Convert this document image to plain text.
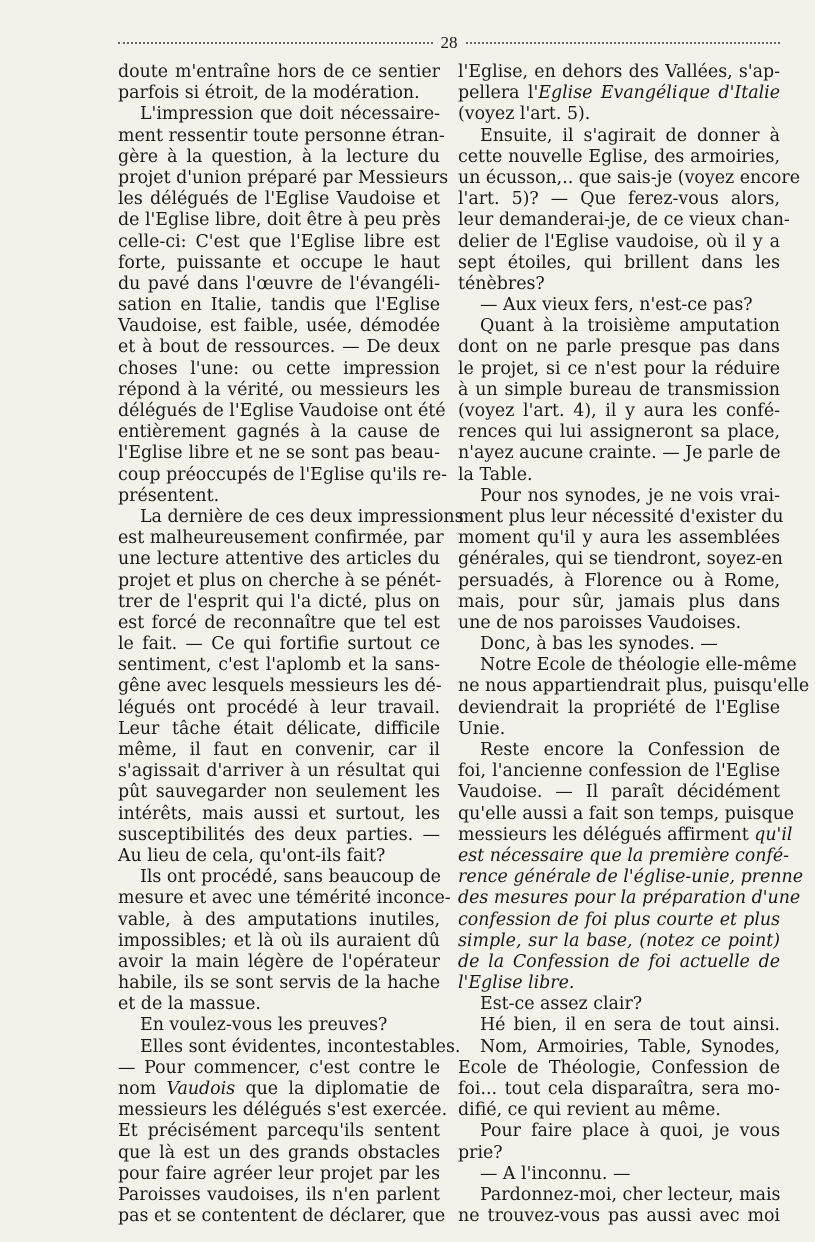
28
doute m'entraîne hors de ce sentier
parfois si étroit, de la modération.
L'impression que doit nécessaire-
ment ressentir toute personne étran-
gère à la question, à la lecture du
projet d'union préparé par Messieurs
les délégués de l'Eglise Vaudoise et
de l'Eglise libre, doit être à peu près
celle-ci: C'est que l'Eglise libre est
forte, puissante et occupe le haut
du pavé dans l'œuvre de l'évangéli-
sation en Italie, tandis que l'Eglise
Vaudoise, est faible, usée, démodée
et à bout de ressources. — De deux
choses l'une: ou cette impression
répond à la vérité, ou messieurs les
délégués de l'Eglise Vaudoise ont été
entièrement gagnés à la cause de
l'Eglise libre et ne se sont pas beau-
coup préoccupés de l'Eglise qu'ils re-
présentent.
La dernière de ces deux impressions
est malheureusement confirmée, par
une lecture attentive des articles du
projet et plus on cherche à se pénét-
trer de l'esprit qui l'a dicté, plus on
est forcé de reconnaître que tel est
le fait. — Ce qui fortifie surtout ce
sentiment, c'est l'aplomb et la sans-
gêne avec lesquels messieurs les dé-
légués ont procédé à leur travail.
Leur tâche était délicate, difficile
même, il faut en convenir, car il
s'agissait d'arriver à un résultat qui
pût sauvegarder non seulement les
intérêts, mais aussi et surtout, les
susceptibilités des deux parties. —
Au lieu de cela, qu'ont-ils fait?
Ils ont procédé, sans beaucoup de
mesure et avec une témérité inconce-
vable, à des amputations inutiles,
impossibles; et là où ils auraient dû
avoir la main légère de l'opérateur
habile, ils se sont servis de la hache
et de la massue.
En voulez-vous les preuves?
Elles sont évidentes, incontestables.
— Pour commencer, c'est contre le
nom Vaudois que la diplomatie de
messieurs les délégués s'est exercée.
Et précisément parcequ'ils sentent
que là est un des grands obstacles
pour faire agréer leur projet par les
Paroisses vaudoises, ils n'en parlent
pas et se contentent de déclarer, que
l'Eglise, en dehors des Vallées, s'ap-
pellera l'Eglise Evangélique d'Italie
(voyez l'art. 5).
Ensuite, il s'agirait de donner à
cette nouvelle Eglise, des armoiries,
un écusson,.. que sais-je (voyez encore
l'art. 5)? — Que ferez-vous alors,
leur demanderai-je, de ce vieux chan-
delier de l'Eglise vaudoise, où il y a
sept étoiles, qui brillent dans les
ténèbres?
— Aux vieux fers, n'est-ce pas?
Quant à la troisième amputation
dont on ne parle presque pas dans
le projet, si ce n'est pour la réduire
à un simple bureau de transmission
(voyez l'art. 4), il y aura les confé-
rences qui lui assigneront sa place,
n'ayez aucune crainte. — Je parle de
la Table.
Pour nos synodes, je ne vois vrai-
ment plus leur nécessité d'exister du
moment qu'il y aura les assemblées
générales, qui se tiendront, soyez-en
persuadés, à Florence ou à Rome,
mais, pour sûr, jamais plus dans
une de nos paroisses Vaudoises.
Donc, à bas les synodes. —
Notre Ecole de théologie elle-même
ne nous appartiendrait plus, puisqu'elle
deviendrait la propriété de l'Eglise
Unie.
Reste encore la Confession de
foi, l'ancienne confession de l'Eglise
Vaudoise. — Il paraît décidément
qu'elle aussi a fait son temps, puisque
messieurs les délégués affirment qu'il
est nécessaire que la première confé-
rence générale de l'église-unie, prenne
des mesures pour la préparation d'une
confession de foi plus courte et plus
simple, sur la base, (notez ce point)
de la Confession de foi actuelle de
l'Eglise libre.
Est-ce assez clair?
Hé bien, il en sera de tout ainsi.
Nom, Armoiries, Table, Synodes,
Ecole de Théologie, Confession de
foi... tout cela disparaîtra, sera mo-
difié, ce qui revient au même.
Pour faire place à quoi, je vous
prie?
— A l'inconnu. —
Pardonnez-moi, cher lecteur, mais
ne trouvez-vous pas aussi avec moi
